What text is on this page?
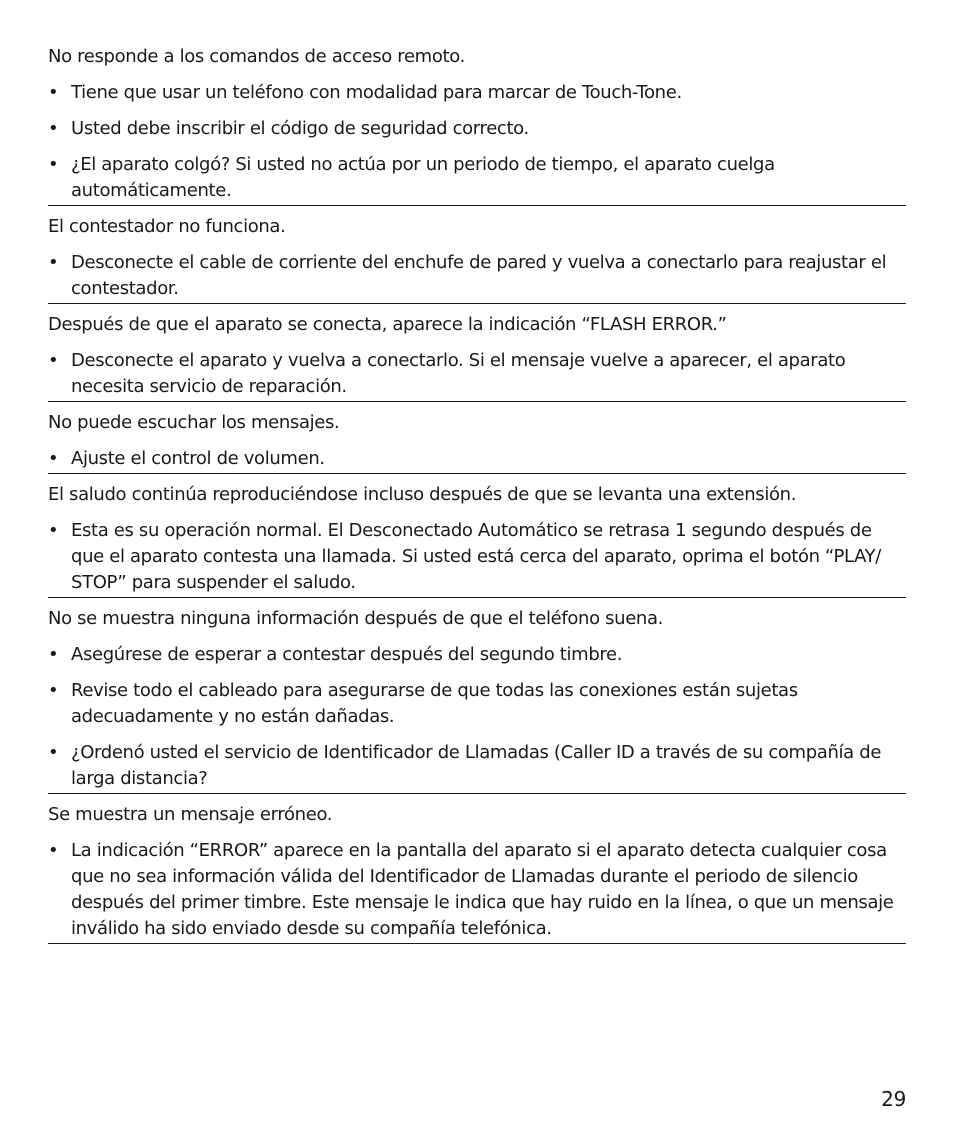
No responde a los comandos de acceso remoto.

• Tiene que usar un teléfono con modalidad para marcar de Touch-Tone.
• Usted debe inscribir el código de seguridad correcto.
• ¿El aparato colgó? Si usted no actúa por un periodo de tiempo, el aparato cuelga automáticamente.

El contestador no funciona.

• Desconecte el cable de corriente del enchufe de pared y vuelva a conectarlo para reajustar el contestador.

Después de que el aparato se conecta, aparece la indicación “FLASH ERROR.”

• Desconecte el aparato y vuelva a conectarlo. Si el mensaje vuelve a aparecer, el aparato necesita servicio de reparación.

No puede escuchar los mensajes.

• Ajuste el control de volumen.

El saludo continúa reproduciéndose incluso después de que se levanta una extensión.

• Esta es su operación normal. El Desconectado Automático se retrasa 1 segundo después de que el aparato contesta una llamada. Si usted está cerca del aparato, oprima el botón “PLAY/ STOP” para suspender el saludo.

No se muestra ninguna información después de que el teléfono suena.

• Asegúrese de esperar a contestar después del segundo timbre.
• Revise todo el cableado para asegurarse de que todas las conexiones están sujetas adecuadamente y no están dañadas.
• ¿Ordenó usted el servicio de Identificador de Llamadas (Caller ID a través de su compañía de larga distancia?

Se muestra un mensaje erróneo.

• La indicación “ERROR” aparece en la pantalla del aparato si el aparato detecta cualquier cosa que no sea información válida del Identificador de Llamadas durante el periodo de silencio después del primer timbre. Este mensaje le indica que hay ruido en la línea, o que un mensaje inválido ha sido enviado desde su compañía telefónica.
29
